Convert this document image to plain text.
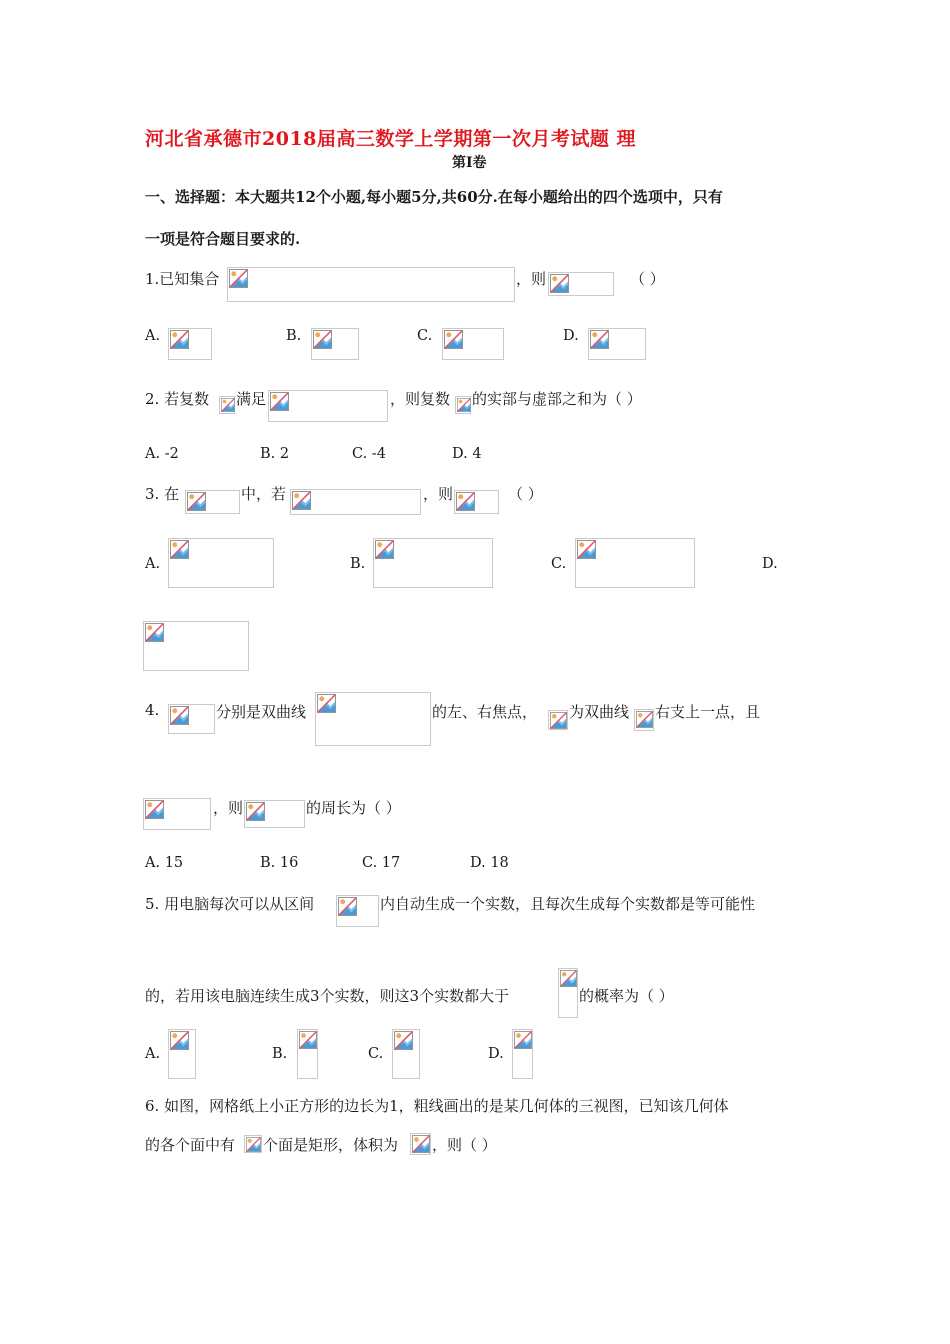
河北省承德市2018届高三数学上学期第一次月考试题 理
第Ⅰ卷
一、选择题：本大题共12个小题,每小题5分,共60分.在每小题给出的四个选项中，只有
一项是符合题目要求的.
1.已知集合	，则	（ ）
A.	B.	C.	D.
2. 若复数 满足	，则复数 的实部与虚部之和为（ ）
A. -2	B. 2	C. -4	D. 4
3. 在	中，若	，则	（ ）
A.	B.	C.	D.
4.	分别是双曲线	的左、右焦点， 为双曲线 右支上一点，且
，则	的周长为（ ）
A. 15	B. 16	C. 17	D. 18
5. 用电脑每次可以从区间	内自动生成一个实数，且每次生成每个实数都是等可能性
的，若用该电脑连续生成3个实数，则这3个实数都大于	的概率为（ ）
A.	B.	C.	D.
6. 如图，网格纸上小正方形的边长为1，粗线画出的是某几何体的三视图，已知该几何体
的各个面中有 个面是矩形，体积为 ，则（ ）
